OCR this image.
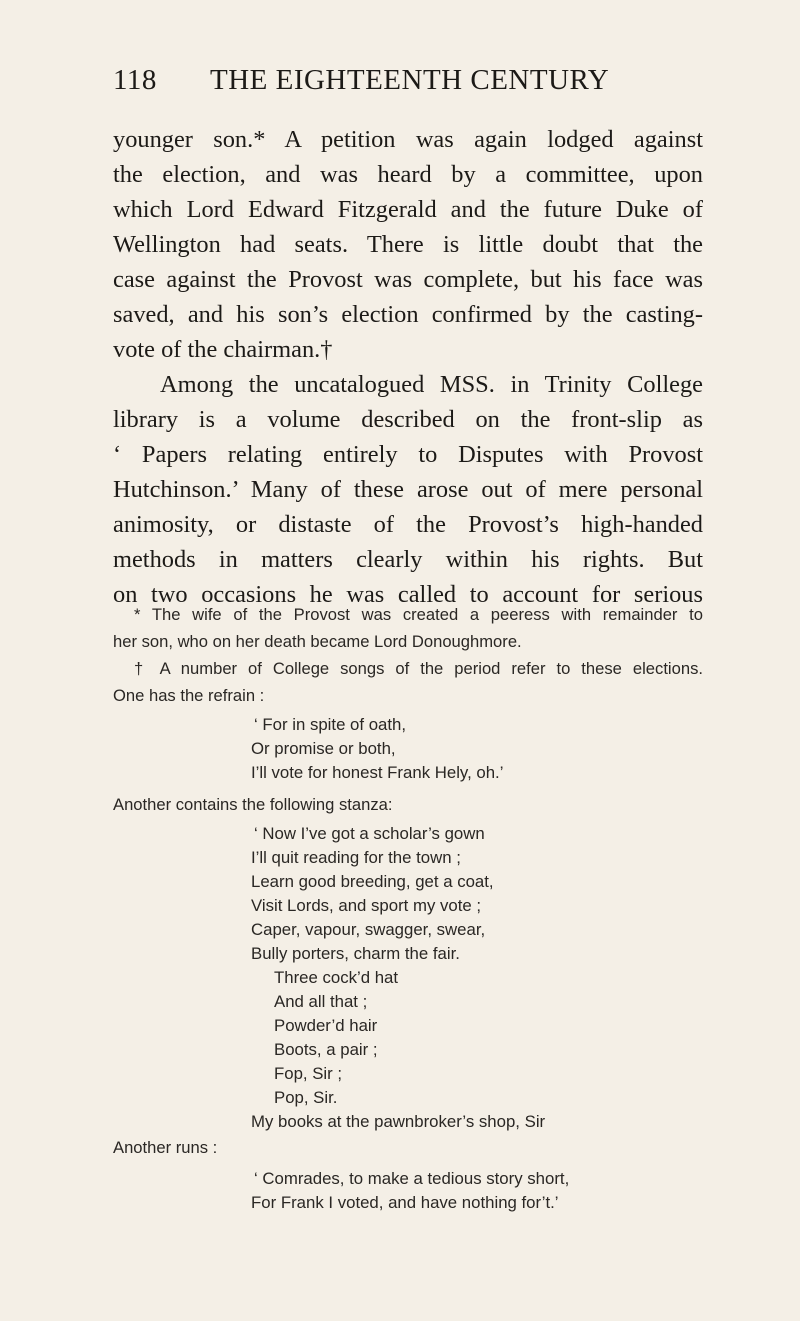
118 THE EIGHTEENTH CENTURY
younger son.* A petition was again lodged against
the election, and was heard by a committee, upon
which Lord Edward Fitzgerald and the future Duke of
Wellington had seats. There is little doubt that the
case against the Provost was complete, but his face was
saved, and his son’s election confirmed by the casting-
vote of the chairman.†
Among the uncatalogued MSS. in Trinity College
library is a volume described on the front-slip as
‘ Papers relating entirely to Disputes with Provost
Hutchinson.’ Many of these arose out of mere personal
animosity, or distaste of the Provost’s high-handed
methods in matters clearly within his rights. But
on two occasions he was called to account for serious
* The wife of the Provost was created a peeress with remainder to
her son, who on her death became Lord Donoughmore.
† A number of College songs of the period refer to these elections.
One has the refrain :
‘ For in spite of oath,
Or promise or both,
I’ll vote for honest Frank Hely, oh.’
Another contains the following stanza:
‘ Now I’ve got a scholar’s gown
I’ll quit reading for the town ;
Learn good breeding, get a coat,
Visit Lords, and sport my vote ;
Caper, vapour, swagger, swear,
Bully porters, charm the fair.
Three cock’d hat
And all that ;
Powder’d hair
Boots, a pair ;
Fop, Sir ;
Pop, Sir.
My books at the pawnbroker’s shop, Sir
Another runs :
‘ Comrades, to make a tedious story short,
For Frank I voted, and have nothing for’t.’
